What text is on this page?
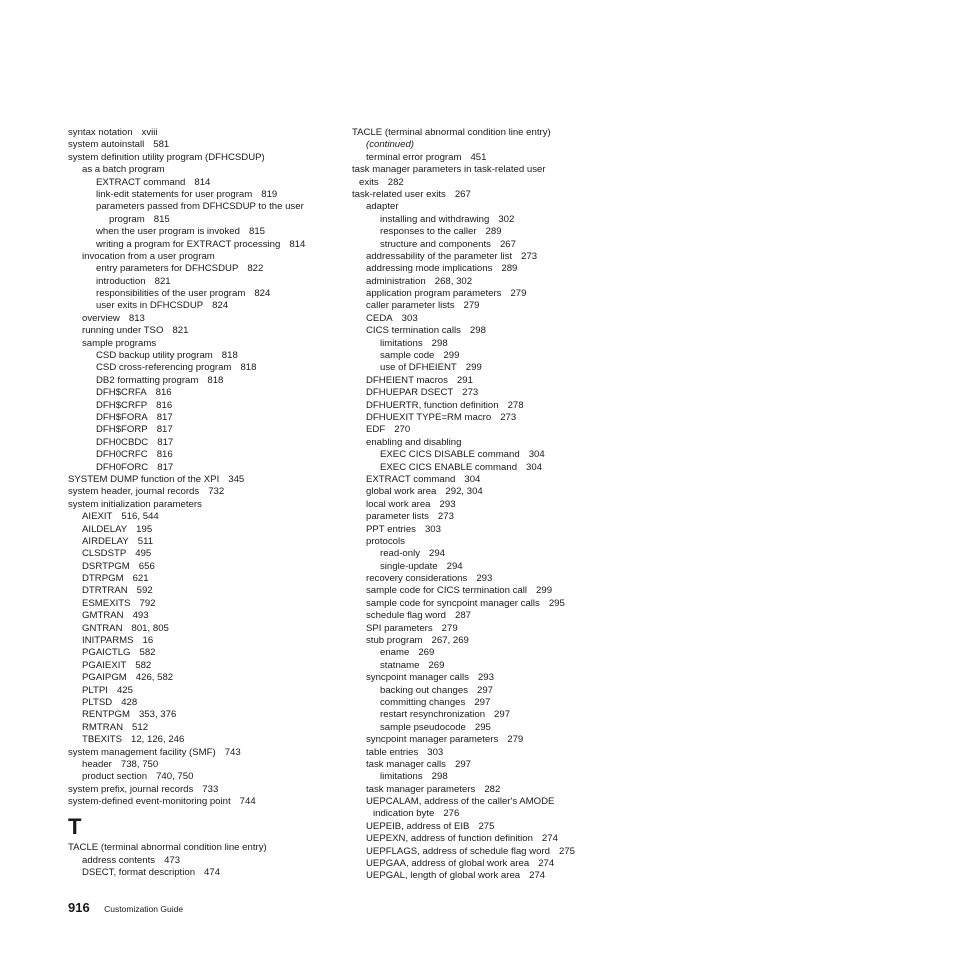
syntax notation xviii
system autoinstall 581
system definition utility program (DFHCSDUP)
as a batch program
EXTRACT command 814
link-edit statements for user program 819
parameters passed from DFHCSDUP to the user
program 815
when the user program is invoked 815
writing a program for EXTRACT processing 814
invocation from a user program
entry parameters for DFHCSDUP 822
introduction 821
responsibilities of the user program 824
user exits in DFHCSDUP 824
overview 813
running under TSO 821
sample programs
CSD backup utility program 818
CSD cross-referencing program 818
DB2 formatting program 818
DFH$CRFA 816
DFH$CRFP 816
DFH$FORA 817
DFH$FORP 817
DFH0CBDC 817
DFH0CRFC 816
DFH0FORC 817
SYSTEM DUMP function of the XPI 345
system header, journal records 732
system initialization parameters
AIEXIT 516, 544
AILDELAY 195
AIRDELAY 511
CLSDSTP 495
DSRTPGM 656
DTRPGM 621
DTRTRAN 592
ESMEXITS 792
GMTRAN 493
GNTRAN 801, 805
INITPARMS 16
PGAICTLG 582
PGAIEXIT 582
PGAIPGM 426, 582
PLTPI 425
PLTSD 428
RENTPGM 353, 376
RMTRAN 512
TBEXITS 12, 126, 246
system management facility (SMF) 743
header 738, 750
product section 740, 750
system prefix, journal records 733
system-defined event-monitoring point 744
T
TACLE (terminal abnormal condition line entry)
address contents 473
DSECT, format description 474
TACLE (terminal abnormal condition line entry)
(continued)
terminal error program 451
task manager parameters in task-related user
exits 282
task-related user exits 267
adapter
installing and withdrawing 302
responses to the caller 289
structure and components 267
addressability of the parameter list 273
addressing mode implications 289
administration 268, 302
application program parameters 279
caller parameter lists 279
CEDA 303
CICS termination calls 298
limitations 298
sample code 299
use of DFHEIENT 299
DFHEIENT macros 291
DFHUEPAR DSECT 273
DFHUERTR, function definition 278
DFHUEXIT TYPE=RM macro 273
EDF 270
enabling and disabling
EXEC CICS DISABLE command 304
EXEC CICS ENABLE command 304
EXTRACT command 304
global work area 292, 304
local work area 293
parameter lists 273
PPT entries 303
protocols
read-only 294
single-update 294
recovery considerations 293
sample code for CICS termination call 299
sample code for syncpoint manager calls 295
schedule flag word 287
SPI parameters 279
stub program 267, 269
ename 269
statname 269
syncpoint manager calls 293
backing out changes 297
committing changes 297
restart resynchronization 297
sample pseudocode 295
syncpoint manager parameters 279
table entries 303
task manager calls 297
limitations 298
task manager parameters 282
UEPCALAM, address of the caller's AMODE
indication byte 276
UEPEIB, address of EIB 275
UEPEXN, address of function definition 274
UEPFLAGS, address of schedule flag word 275
UEPGAA, address of global work area 274
UEPGAL, length of global work area 274
916 Customization Guide
